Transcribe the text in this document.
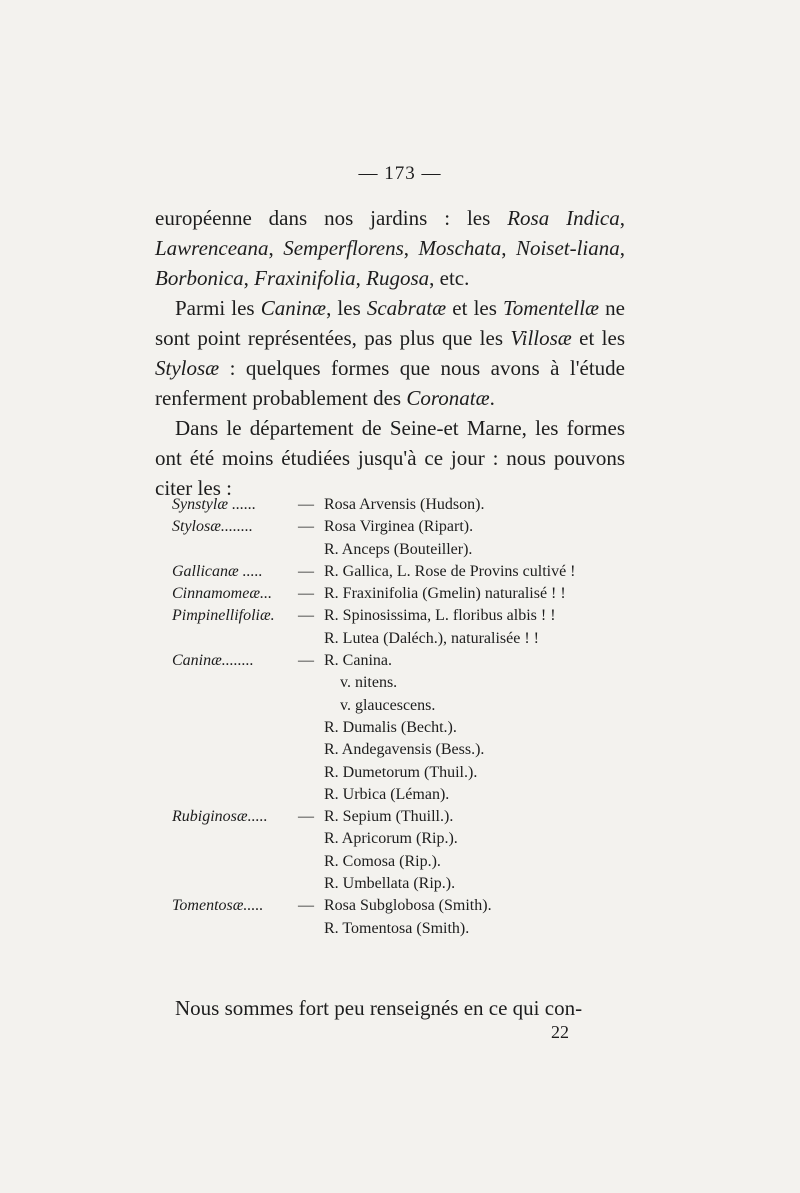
— 173 —

européenne dans nos jardins : les Rosa Indica, Lawrenceana, Semperflorens, Moschata, Noiset-liana, Borbonica, Fraxinifolia, Rugosa, etc.

Parmi les Caninæ, les Scabratæ et les Tomentellæ ne sont point représentées, pas plus que les Villosæ et les Stylosæ : quelques formes que nous avons à l'étude renferment probablement des Coronatæ.

Dans le département de Seine-et Marne, les formes ont été moins étudiées jusqu'à ce jour : nous pouvons citer les :

Synstylæ ......	— Rosa Arvensis (Hudson).
Stylosæ........	— Rosa Virginea (Ripart).
R. Anceps (Bouteiller).
Gallicanæ ..... — R. Gallica, L. Rose de Provins cultivé !
Cinnamomeæ... — R. Fraxinifolia (Gmelin) naturalisé ! !
Pimpinellifoliæ. — R. Spinosissima, L. floribus albis ! !
R. Lutea (Daléch.), naturalisée ! !
Caninæ........	— R. Canina.
v. nitens.
v. glaucescens.
R. Dumalis (Becht.).
R. Andegavensis (Bess.).
R. Dumetorum (Thuil.).
R. Urbica (Léman).
Rubiginosæ..... — R. Sepium (Thuill.).
R. Apricorum (Rip.).
R. Comosa (Rip.).
R. Umbellata (Rip.).
Tomentosæ..... — Rosa Subglobosa (Smith).
R. Tomentosa (Smith).
Nous sommes fort peu renseignés en ce qui con-
22
